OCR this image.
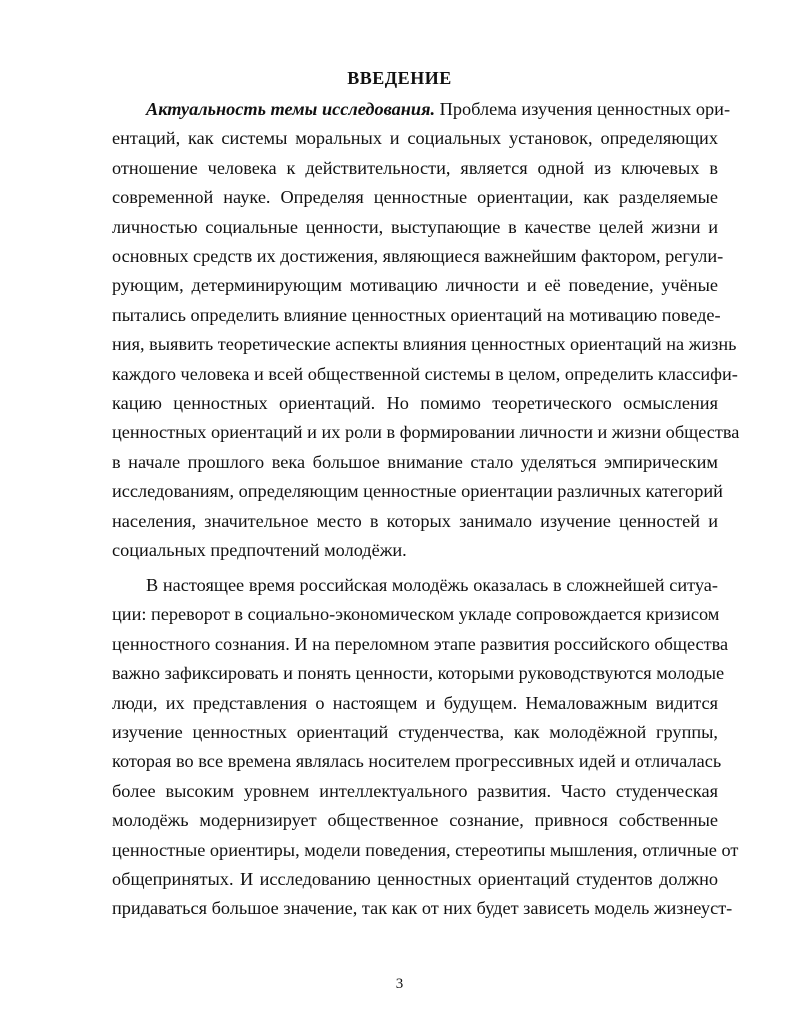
ВВЕДЕНИЕ
Актуальность темы исследования. Проблема изучения ценностных ори-
ентаций, как системы моральных и социальных установок, определяющих
отношение человека к действительности, является одной из ключевых в
современной науке. Определяя ценностные ориентации, как разделяемые
личностью социальные ценности, выступающие в качестве целей жизни и
основных средств их достижения, являющиеся важнейшим фактором, регули-
рующим, детерминирующим мотивацию личности и её поведение, учёные
пытались определить влияние ценностных ориентаций на мотивацию поведе-
ния, выявить теоретические аспекты влияния ценностных ориентаций на жизнь
каждого человека и всей общественной системы в целом, определить классифи-
кацию ценностных ориентаций. Но помимо теоретического осмысления
ценностных ориентаций и их роли в формировании личности и жизни общества
в начале прошлого века большое внимание стало уделяться эмпирическим
исследованиям, определяющим ценностные ориентации различных категорий
населения, значительное место в которых занимало изучение ценностей и
социальных предпочтений молодёжи.
В настоящее время российская молодёжь оказалась в сложнейшей ситуа-
ции: переворот в социально-экономическом укладе сопровождается кризисом
ценностного сознания. И на переломном этапе развития российского общества
важно зафиксировать и понять ценности, которыми руководствуются молодые
люди, их представления о настоящем и будущем. Немаловажным видится
изучение ценностных ориентаций студенчества, как молодёжной группы,
которая во все времена являлась носителем прогрессивных идей и отличалась
более высоким уровнем интеллектуального развития. Часто студенческая
молодёжь модернизирует общественное сознание, привнося собственные
ценностные ориентиры, модели поведения, стереотипы мышления, отличные от
общепринятых. И исследованию ценностных ориентаций студентов должно
придаваться большое значение, так как от них будет зависеть модель жизнеуст-

3
